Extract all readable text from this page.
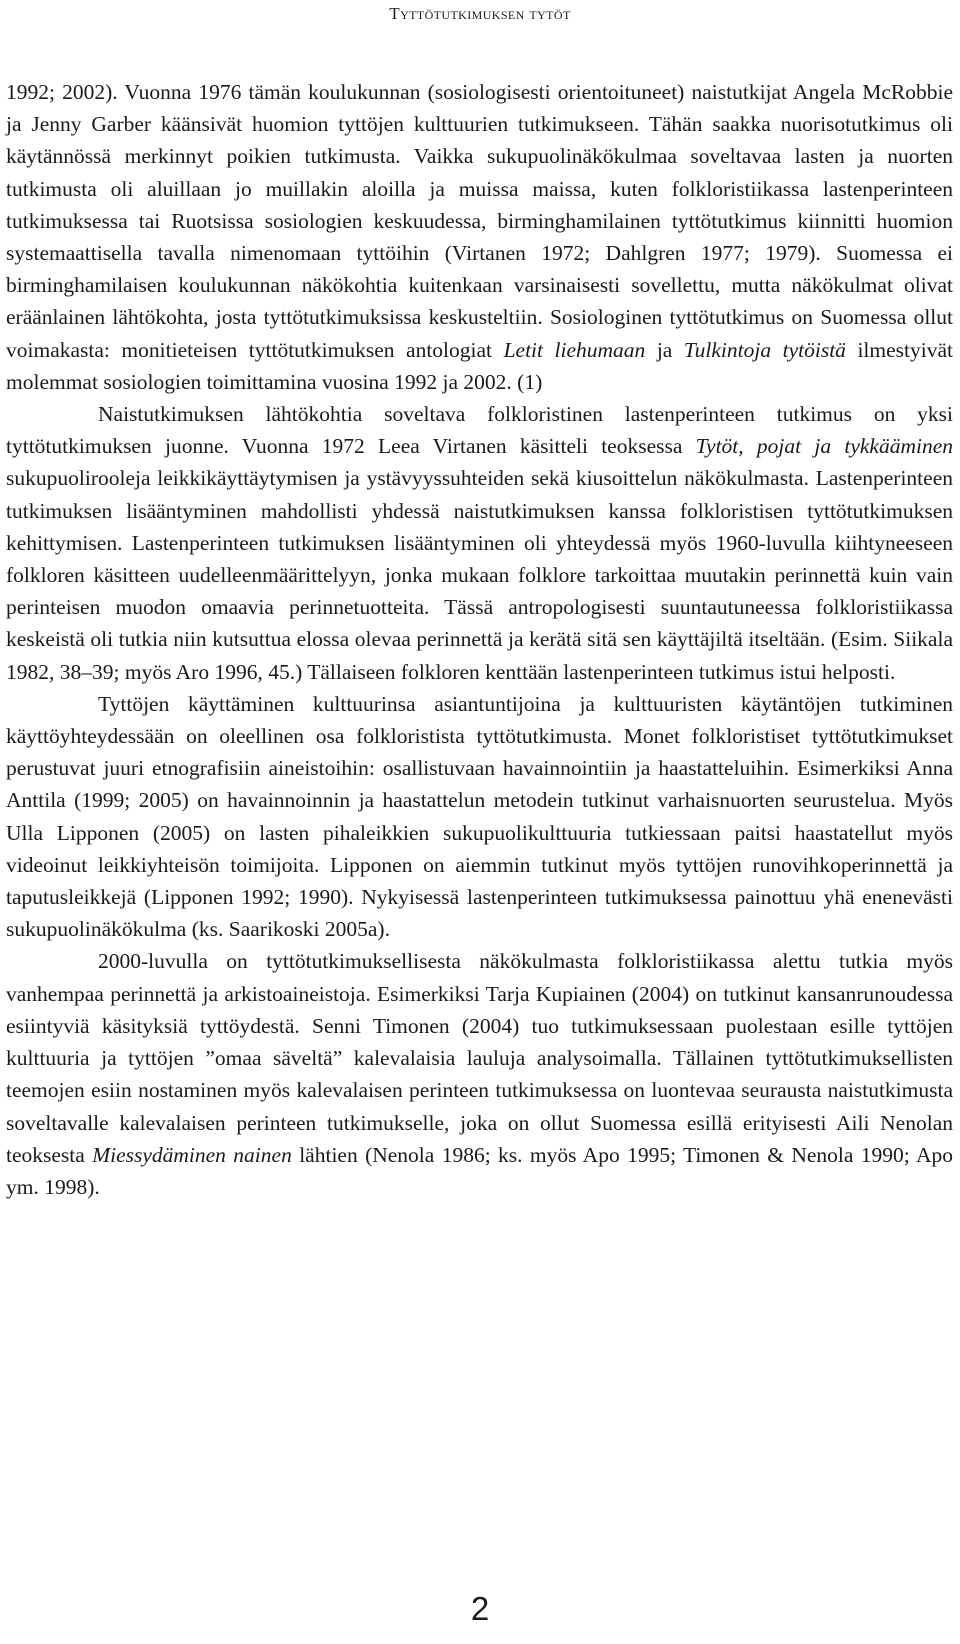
Tyttötutkimuksen tytöt

1992; 2002). Vuonna 1976 tämän koulukunnan (sosiologisesti orientoituneet) naistutkijat Angela McRobbie ja Jenny Garber käänsivät huomion tyttöjen kulttuurien tutkimukseen. Tähän saakka nuorisotutkimus oli käytännössä merkinnyt poikien tutkimusta. Vaikka sukupuolinäkökulmaa soveltavaa lasten ja nuorten tutkimusta oli aluillaan jo muillakin aloilla ja muissa maissa, kuten folkloristiikassa lastenperinteen tutkimuksessa tai Ruotsissa sosiologien keskuudessa, birminghamilainen tyttötutkimus kiinnitti huomion systemaattisella tavalla nimenomaan tyttöihin (Virtanen 1972; Dahlgren 1977; 1979). Suomessa ei birminghamilaisen koulukunnan näkökohtia kuitenkaan varsinaisesti sovellettu, mutta näkökulmat olivat eräänlainen lähtökohta, josta tyttötutkimuksissa keskusteltiin. Sosiologinen tyttötutkimus on Suomessa ollut voimakasta: monitieteisen tyttötutkimuksen antologiat Letit liehumaan ja Tulkintoja tytöistä ilmestyivät molemmat sosiologien toimittamina vuosina 1992 ja 2002. (1)

Naistutkimuksen lähtökohtia soveltava folkloristinen lastenperinteen tutkimus on yksi tyttötutkimuksen juonne. Vuonna 1972 Leea Virtanen käsitteli teoksessa Tytöt, pojat ja tykkääminen sukupuolirooleja leikkikäyttäytymisen ja ystävyyssuhteiden sekä kiusoittelun näkökulmasta. Lastenperinteen tutkimuksen lisääntyminen mahdollisti yhdessä naistutkimuksen kanssa folkloristisen tyttötutkimuksen kehittymisen. Lastenperinteen tutkimuksen lisääntyminen oli yhteydessä myös 1960-luvulla kiihtyneeseen folkloren käsitteen uudelleenmäärittelyyn, jonka mukaan folklore tarkoittaa muutakin perinnettä kuin vain perinteisen muodon omaavia perinnetuotteita. Tässä antropologisesti suuntautuneessa folkloristiikassa keskeistä oli tutkia niin kutsuttua elossa olevaa perinnettä ja kerätä sitä sen käyttäjiltä itseltään. (Esim. Siikala 1982, 38–39; myös Aro 1996, 45.) Tällaiseen folkloren kenttään lastenperinteen tutkimus istui helposti.

Tyttöjen käyttäminen kulttuurinsa asiantuntijoina ja kulttuuristen käytäntöjen tutkiminen käyttöyhteydessään on oleellinen osa folkloristista tyttötutkimusta. Monet folkloristiset tyttötutkimukset perustuvat juuri etnografisiin aineistoihin: osallistuvaan havainnointiin ja haastatteluihin. Esimerkiksi Anna Anttila (1999; 2005) on havainnoinnin ja haastattelun metodein tutkinut varhaisnuorten seurustelua. Myös Ulla Lipponen (2005) on lasten pihaleikkien sukupuolikulttuuria tutkiessaan paitsi haastatellut myös videoinut leikkiyhteisön toimijoita. Lipponen on aiemmin tutkinut myös tyttöjen runovihkoperinnettä ja taputusleikkejä (Lipponen 1992; 1990). Nykyisessä lastenperinteen tutkimuksessa painottuu yhä enenevästi sukupuolinäkökulma (ks. Saarikoski 2005a).

2000-luvulla on tyttötutkimuksellisesta näkökulmasta folkloristiikassa alettu tutkia myös vanhempaa perinnettä ja arkistoaineistoja. Esimerkiksi Tarja Kupiainen (2004) on tutkinut kansanrunoudessa esiintyviä käsityksiä tyttöydestä. Senni Timonen (2004) tuo tutkimuksessaan puolestaan esille tyttöjen kulttuuria ja tyttöjen ”omaa säveltä” kalevalaisia lauluja analysoimalla. Tällainen tyttötutkimuksellisten teemojen esiin nostaminen myös kalevalaisen perinteen tutkimuksessa on luontevaa seurausta naistutkimusta soveltavalle kalevalaisen perinteen tutkimukselle, joka on ollut Suomessa esillä erityisesti Aili Nenolan teoksesta Miessydäminen nainen lähtien (Nenola 1986; ks. myös Apo 1995; Timonen & Nenola 1990; Apo ym. 1998).

2
